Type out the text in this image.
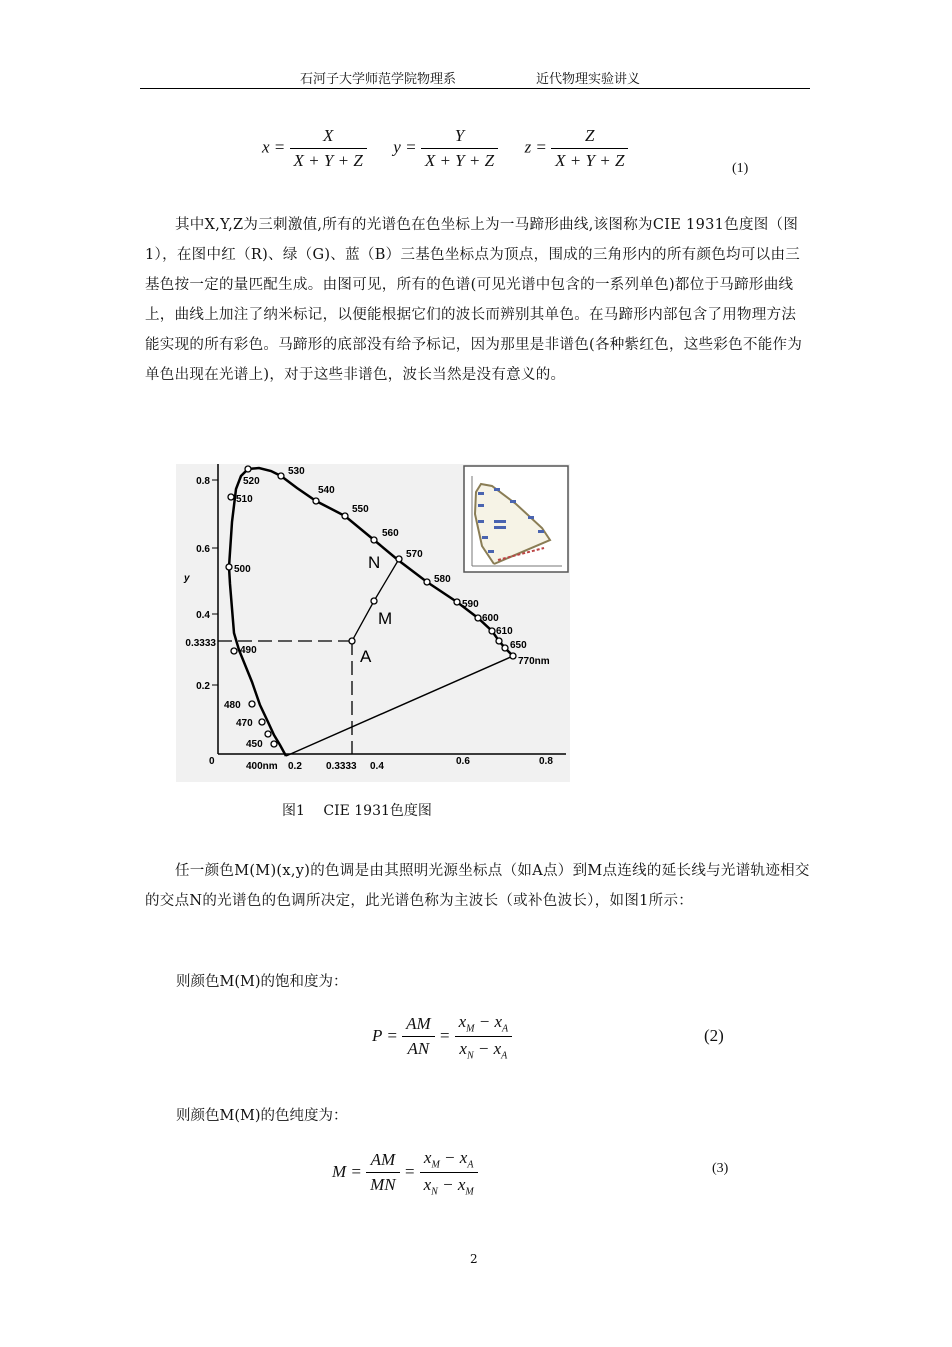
石河子大学师范学院物理系	近代物理实验讲义
$x = \frac{X}{X + Y + Z}$ $y = \frac{Y}{X + Y + Z}$ $z = \frac{Z}{X + Y + Z}$	(1)
其中X,Y,Z为三刺激值,所有的光谱色在色坐标上为一马蹄形曲线,该图称为CIE 1931色度图（图1），在图中红（R)、绿（G)、蓝（B）三基色坐标点为顶点，围成的三角形内的所有颜色均可以由三基色按一定的量匹配生成。由图可见，所有的色谱(可见光谱中包含的一系列单色)都位于马蹄形曲线上，曲线上加注了纳米标记，以便能根据它们的波长而辨别其单色。在马蹄形内部包含了用物理方法能实现的所有彩色。马蹄形的底部没有给予标记，因为那里是非谱色(各种紫红色，这些彩色不能作为单色出现在光谱上)，对于这些非谱色，波长当然是没有意义的。
0.8
0.6
0.4
0.3333
0.2
y
0	400nm 0.2 0.3333 0.4	0.6	0.8
520
530
510
540
550
560
570
500
580
590
600
610
650
770nm
490
480
470
450
N
M
A
图1　 CIE 1931色度图
任一颜色M(M)(x,y)的色调是由其照明光源坐标点（如A点）到M点连线的延长线与光谱轨迹相交的交点N的光谱色的色调所决定，此光谱色称为主波长（或补色波长），如图1所示：
则颜色M(M)的饱和度为：
$P = \frac{AM}{AN} = \frac{x_M - x_A}{x_N - x_A}$	(2)
则颜色M(M)的色纯度为：
$M = \frac{AM}{MN} = \frac{x_M - x_A}{x_N - x_M}$	(3)
2
